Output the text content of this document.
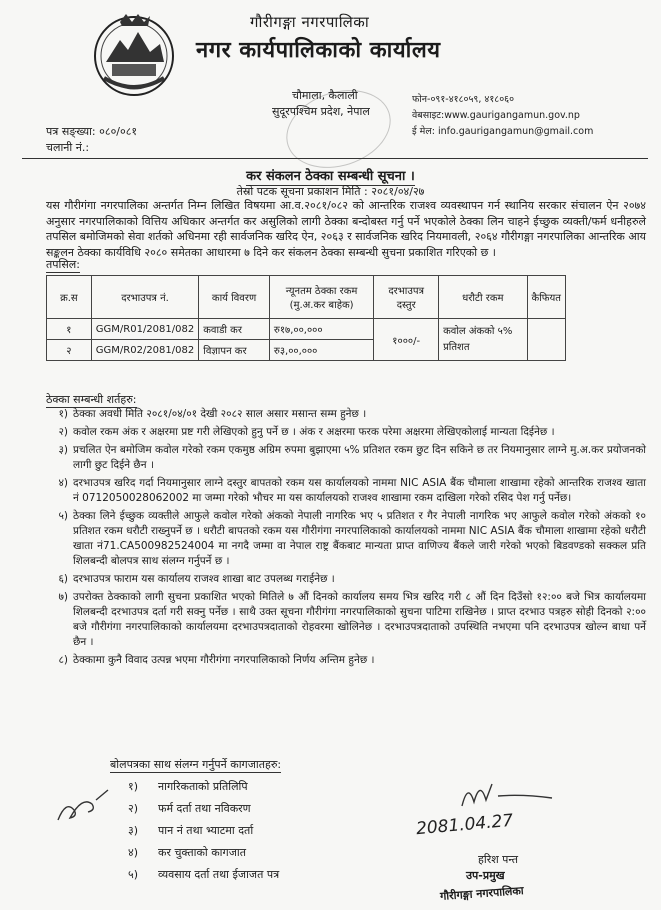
गौरीगङ्गा नगरपालिका
नगर कार्यपालिकाको कार्यालय
चौमाला, कैलाली
सुदूरपश्चिम प्रदेश, नेपाल
फोन-०९१-४१८०५९, ४१८०६०
वेबसाइट:www.gaurigangamun.gov.np
ई मेल: info.gaurigangamun@gmail.com
पत्र सङ्ख्या: ०८०/०८१
चलानी नं.:
कर संकलन ठेक्का सम्बन्धी सूचना ।
तेस्रो पटक सूचना प्रकाशन मिति : २०८१/०४/२७
यस गौरीगंगा नगरपालिका अन्तर्गत निम्न लिखित विषयमा आ.व.२०८१/०८२ को आन्तरिक राजश्व व्यवस्थापन गर्न स्थानिय सरकार संचालन ऐन २०७४ अनुसार नगरपालिकाको वित्तिय अधिकार अन्तर्गत कर असुलिको लागी ठेक्का बन्दोबस्त गर्नु पर्ने भएकोले ठेक्का लिन चाहने ईच्छुक व्यक्ती/फर्म धनीहरुले तपसिल बमोजिमको सेवा शर्तको अधिनमा रही सार्वजनिक खरिद ऐन, २०६३ र सार्वजनिक खरिद नियमावली, २०६४ गौरीगङ्गा नगरपालिका आन्तरिक आय सङ्कलन ठेक्का कार्यविधि २०८० समेतका आधारमा ७ दिने कर संकलन ठेक्का सम्बन्धी सुचना प्रकाशित गरिएको छ ।
तपसिल:
क्र.स	दरभाउपत्र नं.	कार्य विवरण	न्यूनतम ठेक्का रकम (मु.अ.कर बाहेक)	दरभाउपत्र दस्तुर	धरौटी रकम	कैफियत
१	GGM/R01/2081/082	कवाडी कर	रु१७,००,०००	१०००/-	कवोल अंकको ५% प्रतिशत	
२	GGM/R02/2081/082	विज्ञापन कर	रु३,००,०००			
ठेक्का सम्बन्धी शर्तहरु:
१) ठेक्का अवधी मिति २०८१/०४/०१ देखी २०८२ साल असार मसान्त सम्म हुनेछ ।
२) कवोल रकम अंक र अक्षरमा प्रष्ट गरी लेखिएको हुनु पर्ने छ । अंक र अक्षरमा फरक परेमा अक्षरमा लेखिएकोलाई मान्यता दिईनेछ ।
३) प्रचलित ऐन बमोजिम कवोल गरेको रकम एकमुष्ठ अग्रिम रुपमा बुझाएमा ५% प्रतिशत रकम छुट दिन सकिने छ तर नियमानुसार लाग्ने मु.अ.कर प्रयोजनको लागी छुट दिईने छैन ।
४) दरभाउपत्र खरिद गर्दा नियमानुसार लाग्ने दस्तुर बापतको रकम यस कार्यालयको नाममा NIC ASIA बैंक चौमाला शाखामा रहेको आन्तरिक राजश्व खाता नं 0712050028062002 मा जम्मा गरेको भौचर मा यस कार्यालयको राजश्व शाखामा रकम दाखिला गरेको रसिद पेश गर्नु पर्नेछ।
५) ठेक्का लिने ईच्छुक व्यक्तीले आफुले कवोल गरेको अंकको नेपाली नागरिक भए ५ प्रतिशत र गैर नेपाली नागरिक भए आफुले कवोल गरेको अंकको १० प्रतिशत रकम धरौटी राख्नुपर्ने छ । धरौटी बापतको रकम यस गौरीगंगा नगरपालिकाको कार्यालयको नाममा NIC ASIA बैंक चौमाला शाखामा रहेको धरौटी खाता नं71.CA500982524004 मा नगदै जम्मा वा नेपाल राष्ट्र बैंकबाट मान्यता प्राप्त वाणिज्य बैंकले जारी गरेको भएको बिडवण्डको सक्कल प्रति शिलबन्दी बोलपत्र साथ संलग्न गर्नुपर्ने छ ।
६) दरभाउपत्र फाराम यस कार्यालय राजश्व शाखा बाट उपलब्ध गराईनेछ ।
७) उपरोक्त ठेक्काको लागी सुचना प्रकाशित भएको मितिले ७ औं दिनको कार्यालय समय भित्र खरिद गरी ८ औं दिन दिउँसो १२:०० बजे भित्र कार्यालयमा शिलबन्दी दरभाउपत्र दर्ता गरी सक्नु पर्नेछ । साथै उक्त सूचना गौरीगंगा नगरपालिकाको सुचना पाटिमा राखिनेछ । प्राप्त दरभाउ पत्रहरु सोही दिनको २:०० बजे गौरीगंगा नगरपालिकाको कार्यालयमा दरभाउपत्रदाताको रोहवरमा खोलिनेछ । दरभाउपत्रदाताको उपस्थिति नभएमा पनि दरभाउपत्र खोल्न बाधा पर्ने छैन ।
८) ठेक्कामा कुनै विवाद उत्पन्न भएमा गौरीगंगा नगरपालिकाको निर्णय अन्तिम हुनेछ ।
बोलपत्रका साथ संलग्न गर्नुपर्ने कागजातहरु:
१)	नागरिकताको प्रतिलिपि
२)	फर्म दर्ता तथा नविकरण
३)	पान नं तथा भ्याटमा दर्ता
४)	कर चुक्ताको कागजात
५)	व्यवसाय दर्ता तथा ईजाजत पत्र
2081.04.27
हरिश पन्त
उप-प्रमुख
गौरीगङ्गा नगरपालिका
